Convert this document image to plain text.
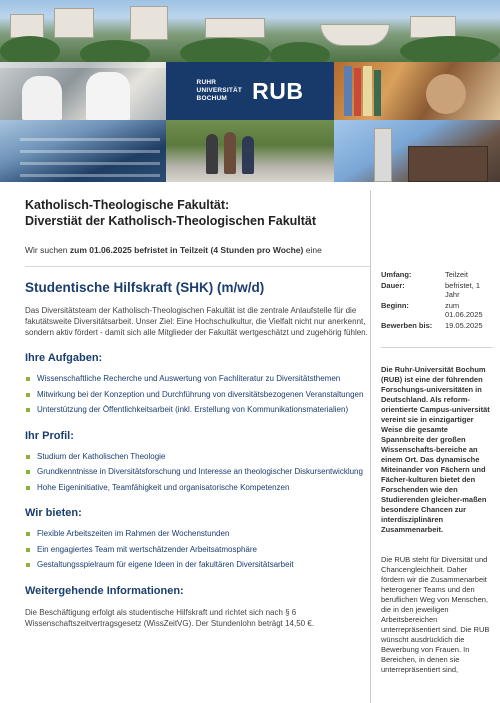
RUHR
UNIVERSITÄT
BOCHUM	RUB
Katholisch-Theologische Fakultät:
Diverstiät der Katholisch-Theologischen Fakultät
Wir suchen zum 01.06.2025 befristet in Teilzeit (4 Stunden pro Woche) eine
Studentische Hilfskraft (SHK) (m/w/d)
Das Diversitätsteam der Katholisch-Theologischen Fakultät ist die zentrale Anlaufstelle für die fakutätsweite Diversitätsarbeit. Unser Ziel: Eine Hochschulkultur, die Vielfalt nicht nur anerkennt, sondern aktiv fördert - damit sich alle Mitglieder der Fakultät wertgeschätzt und zugehörig fühlen.
Ihre Aufgaben:
Wissenschaftliche Recherche und Auswertung von Fachliteratur zu Diversitätsthemen
Mitwirkung bei der Konzeption und Durchführung von diversitätsbezogenen Veranstaltungen
Unterstützung der Öffentlichkeitsarbeit (inkl. Erstellung von Kommunikationsmaterialien)
Ihr Profil:
Studium der Katholischen Theologie
Grundkenntnisse in Diversitätsforschung und Interesse an theologischer Diskursentwicklung
Hohe Eigeninitiative, Teamfähigkeit und organisatorische Kompetenzen
Wir bieten:
Flexible Arbeitszeiten im Rahmen der Wochenstunden
Ein engagiertes Team mit wertschätzender Arbeitsatmosphäre
Gestaltungsspielraum für eigene Ideen in der fakultären Diversitätsarbeit
Weitergehende Informationen:
Die Beschäftigung erfolgt als studentische Hilfskraft und richtet sich nach § 6 Wissenschaftszeitvertragsgesetz (WissZeitVG). Der Stundenlohn beträgt 14,50 €.
Umfang:	Teilzeit
Dauer:	befristet, 1 Jahr
Beginn:	zum 01.06.2025
Bewerben bis:	19.05.2025
Die Ruhr-Universität Bochum (RUB) ist eine der führenden Forschungs-universitäten in Deutschland. Als reform-orientierte Campus-universität vereint sie in einzigartiger Weise die gesamte Spannbreite der großen Wissenschafts-bereiche an einem Ort. Das dynamische Miteinander von Fächern und Fächer-kulturen bietet den Forschenden wie den Studierenden gleicher-maßen besondere Chancen zur interdisziplinären Zusammenarbeit.
Die RUB steht für Diversität und Chancengleichheit. Daher fördern wir die Zusammenarbeit heterogener Teams und den beruflichen Weg von Menschen, die in den jeweiligen Arbeitsbereichen unterrepräsentiert sind. Die RUB wünscht ausdrücklich die Bewerbung von Frauen. In Bereichen, in denen sie unterrepräsentiert sind,
